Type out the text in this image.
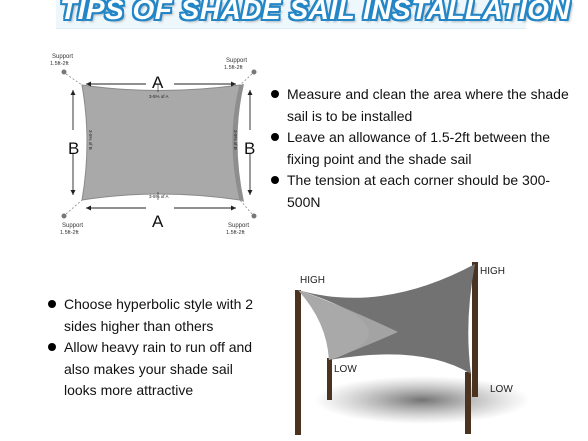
TIPS OF SHADE SAIL INSTALLATION
Support
1.5ft-2ft	Support
1.5ft-2ft
Support
1.5ft-2ft
Support
1.5ft-2ft
A
A
B	B
3-5% of A
3-5% of A
3-5% of B	3-5% of B
Measure and clean the area where the shade sail is to be installed
Leave an allowance of 1.5-2ft between the fixing point and the shade sail
The tension at each corner should be 300-500N
Choose hyperbolic style with 2 sides higher than others
Allow heavy rain to run off and also makes your shade sail looks more attractive
HIGH
HIGH
LOW
LOW
